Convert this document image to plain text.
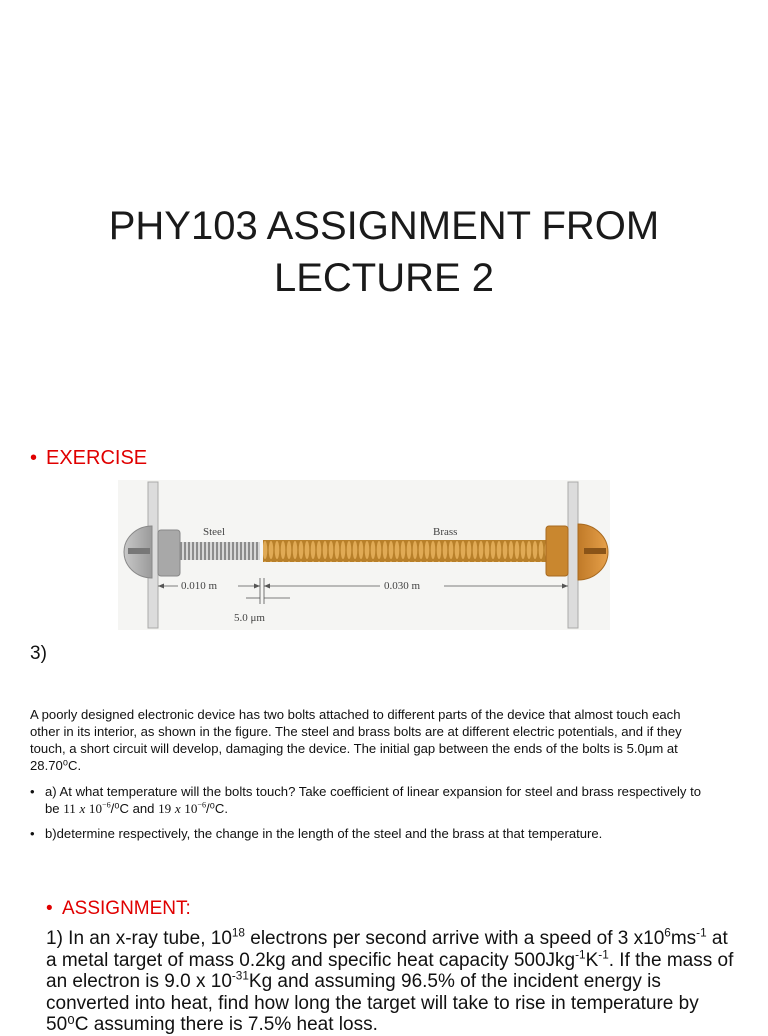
PHY103 ASSIGNMENT FROM
LECTURE 2
• EXERCISE
Steel	Brass
0.010 m	0.030 m
5.0 μm
3)
A poorly designed electronic device has two bolts attached to different parts of the device that almost touch each other in its interior, as shown in the figure. The steel and brass bolts are at different electric potentials, and if they touch, a short circuit will develop, damaging the device. The initial gap between the ends of the bolts is 5.0μm at 28.70⁰C.
• a) At what temperature will the bolts touch? Take coefficient of linear expansion for steel and brass respectively to be 11 x $10^{-6}/^0C$ and 19 x $10^{-6}/^0C$.
• b)determine respectively, the change in the length of the steel and the brass at that temperature.
• ASSIGNMENT:
1) In an x-ray tube, $10^{18}$ electrons per second arrive with a speed of 3 $x10^6ms^{-1}$ at a metal target of mass 0.2kg and specific heat capacity $500Jkg^{-1}K^{-1}$. If the mass of an electron is 9.0 x $10^{-31}Kg$ and assuming 96.5% of the incident energy is converted into heat, find how long the target will take to rise in temperature by 50⁰C assuming there is 7.5% heat loss.
